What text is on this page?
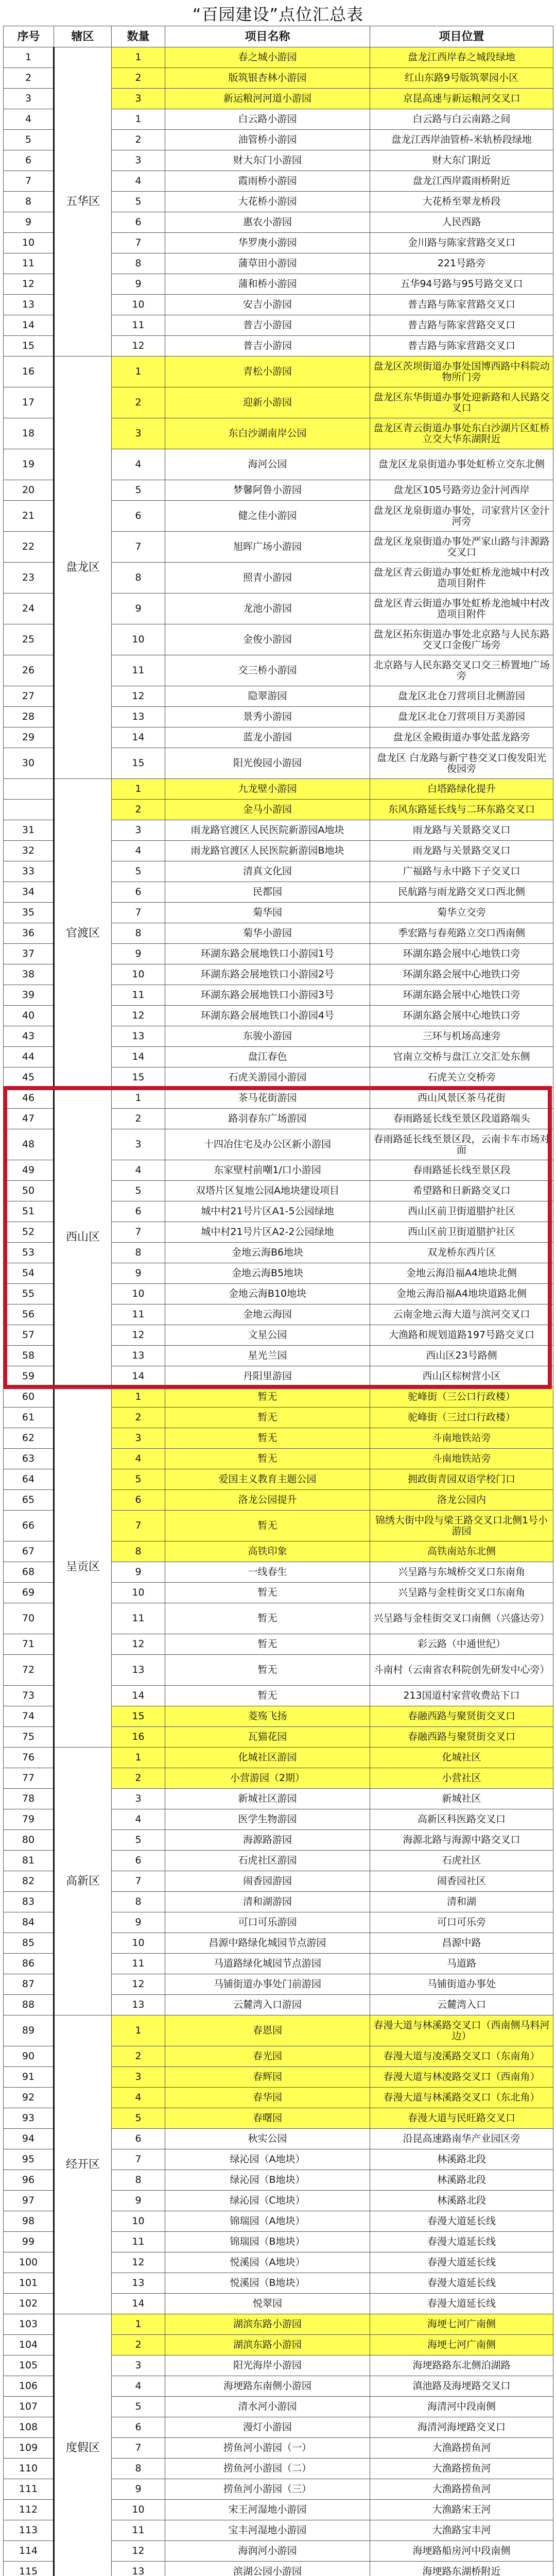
“百园建设”点位汇总表
序号	辖区	数量	项目名称	项目位置
1	五华区	1	春之城小游园	盘龙江西岸春之城段绿地
2		2	版筑银杏林小游园	红山东路9号版筑翠园小区
3		3	新运粮河河道小游园	京昆高速与新运粮河交叉口
4		1	白云路小游园	白云路与白云南路之间
5		2	油管桥小游园	盘龙江西岸油管桥-米轨桥段绿地
6		3	财大东门小游园	财大东门附近
7		4	霞雨桥小游园	盘龙江西岸霞雨桥附近
8		5	大花桥小游园	大花桥至翠龙桥段
9		6	惠农小游园	人民西路
10		7	华罗庚小游园	金川路与陈家营路交叉口
11		8	蒲草田小游园	221号路旁
12		9	蒲和桥小游园	五华94号路与95号路交叉口
13		10	安吉小游园	普吉路与陈家营路交叉口
14		11	普吉小游园	普吉路与陈家营路交叉口
15		12	普吉小游园	普吉路与陈家营路交叉口
16	盘龙区	1	青松小游园	盘龙区茨坝街道办事处国博西路中科院动物所门旁
17		2	迎新小游园	盘龙区东华街道办事处迎新路和人民路交叉口
18		3	东白沙湖南岸公园	盘龙区青云街道办事处东白沙湖片区虹桥立交大华东湖附近
19		4	海河公园	盘龙区龙泉街道办事处虹桥立交东北侧
20		5	梦馨阿鲁小游园	盘龙区105号路旁边金汁河西岸
21		6	健之佳小游园	盘龙区龙泉街道办事处，司家营片区金汁河旁
22		7	旭晖广场小游园	盘龙区龙泉街道办事处严家山路与沣源路交叉口
23		8	照青小游园	盘龙区青云街道办事处虹桥龙池城中村改造项目附件
24		9	龙池小游园	盘龙区青云街道办事处虹桥龙池城中村改造项目附件
25		10	金俊小游园	盘龙区拓东街道办事处北京路与人民东路交叉口金俊广场旁
26		11	交三桥小游园	北京路与人民东路交叉口交三桥置地广场旁
27		12	隐翠游园	盘龙区北仓刀营项目北侧游园
28		13	景秀小游园	盘龙区北仓刀营项目万美游园
29		14	蓝龙小游园	盘龙区金殿街道办事处蓝龙路旁
30		15	阳光俊园小游园	盘龙区 白龙路与新宁巷交叉口俊发阳光俊园旁
	官渡区	1	九龙壁小游园	白塔路绿化提升
		2	金马小游园	东风东路延长线与二环东路交叉口
31		3	雨龙路官渡区人民医院新游园A地块	雨龙路与关景路交叉口
32		4	雨龙路官渡区人民医院新游园B地块	雨龙路与关景路交叉口
33		5	清真文化园	广福路与永中路下子交叉口
34		6	民都园	民航路与雨龙路交叉口西北侧
35		7	菊华园	菊华立交旁
36		8	菊华小游园	季宏路与春苑路立交口西南侧
37		9	环湖东路会展地铁口小游园1号	环湖东路会展中心地铁口旁
38		10	环湖东路会展地铁口小游园2号	环湖东路会展中心地铁口旁
39		11	环湖东路会展地铁口小游园3号	环湖东路会展中心地铁口旁
40		12	环湖东路会展地铁口小游园4号	环湖东路会展中心地铁口旁
43		13	东骏小游园	三环与机场高速旁
44		14	盘江春色	官南立交桥与盘江立交汇处东侧
45		15	石虎关游园小游园	石虎关立交桥旁
46	西山区	1	茶马花街游园	西山风景区茶马花街
47		2	路羽春东广场游园	春雨路延长线至景区段道路端头
48		3	十四冶住宅及办公区新小游园	春雨路延长线至景区段，云南卡车市场对面
49		4	东家壁村前嘲1/口小游园	春雨路延长线至景区段
50		5	双塔片区复地公园A地块建设项目	希望路和日新路交叉口
51		6	城中村21号片区A1-5公园绿地	西山区前卫街道腊护社区
52		7	城中村21号片区A2-2公园绿地	西山区前卫街道腊护社区
53		8	金地云海B6地块	双龙桥东西片区
54		9	金地云海B5地块	金地云海沿福A4地块北侧
55		10	金地云海B10地块	金地云海沿福A4地块道路北侧
56		11	金地云海园	云南金地云海大道与滨河交叉口
57		12	文星公园	大渔路和规划道路197号路交叉口
58		13	星光兰园	西山区23号路侧
59		14	丹阳里游园	西山区棕树营小区
60	呈贡区	1	暂无	驼峰街（三公口行政楼）
61		2	暂无	驼峰街（三过口行政楼）
62		3	暂无	斗南地铁站旁
63		4	暂无	斗南地铁站旁
64		5	爱国主义教育主题公园	拥政街青园双语学校门口
65		6	洛龙公园提升	洛龙公园内
66		7	暂无	锦绣大街中段与梁王路交叉口北侧1号小游园
67		8	高铁印象	高铁南站东北侧
68		9	一线春生	兴呈路与东城桥交叉口东南角
69		10	暂无	兴呈路与金桂街交叉口东南角
70		11	暂无	兴呈路与金桂街交叉口南侧（兴盛达旁）
71		12	暂无	彩云路（中通世纪）
72		13	暂无	斗南村（云南省农科院创先研发中心旁）
73		14	暂无	213国道村家营收费站下口
74		15	菱殇飞扬	春融西路与聚贤街交叉口
75		16	瓦猫花园	春融西路与聚贤街交叉口
76	高新区	1	化城社区游园	化城社区
77		2	小营游园（2期）	小营社区
78		3	新城社区游园	新城社区
79		4	医学生物游园	高新区科医路交叉口
80		5	海源路游园	海源北路与海源中路交叉口
81		6	石虎社区游园	石虎社区
82		7	闹香园游园	闹香园社区
83		8	清和湖游园	清和湖
84		9	可口可乐游园	可口可乐旁
85		10	昌源中路绿化城园节点游园	昌源中路
86		11	马道路绿化城园节点游园	马道路
87		12	马铺街道办事处门前游园	马铺街道办事处
88		13	云麓湾入口游园	云麓湾入口
89	经开区	1	春恩园	春漫大道与林溪路交叉口（西南侧马料河边）
90		2	春光园	春漫大道与凌溪路交叉口（东南角）
91		3	春辉园	春漫大道与林凌路交叉口（西南角）
92		4	春华园	春漫大道与林溪路交叉口（东北角）
93		5	春曙园	春漫大道与民旺路交叉口
94		6	秋实公园	沿昆高速路南华产业园区旁
95		7	绿沁园（A地块）	林溪路北段
96		8	绿沁园（B地块）	林溪路北段
97		9	绿沁园（C地块）	林溪路北段
98		10	锦瑞园（A地块）	春漫大道延长线
99		11	锦瑞园（B地块）	春漫大道延长线
100		12	悦溪园（A地块）	春漫大道延长线
101		13	悦溪园（B地块）	春漫大道延长线
102		14	悦翠园	春漫大道延长线
103	度假区	1	湖滨东路小游园	海埂七河广南侧
104		2	湖滨东路小游园	海埂七河广南侧
105		3	阳光海岸小游园	海埂路路东北侧泊湖路
106		4	海埂路东南侧小游园	滇池路及海埂路交叉口
107		5	清水河小游园	海清河中段南侧
108		6	漫灯小游园	海清河海埂路交叉口
109		7	捞鱼河小游园（一）	大渔路捞鱼河
110		8	捞鱼河小游园（二）	大渔路捞鱼河
111		9	捞鱼河小游园（三）	大渔路捞鱼河
112		10	宋王河湿地小游园	大渔路宋王河
113		11	宝丰河湿地小游园	大渔路宝丰河
114		12	海润河小游园	海埂路船房河中段南侧
115		13	滨湖公园小游园	海埂路东湖桥附近
